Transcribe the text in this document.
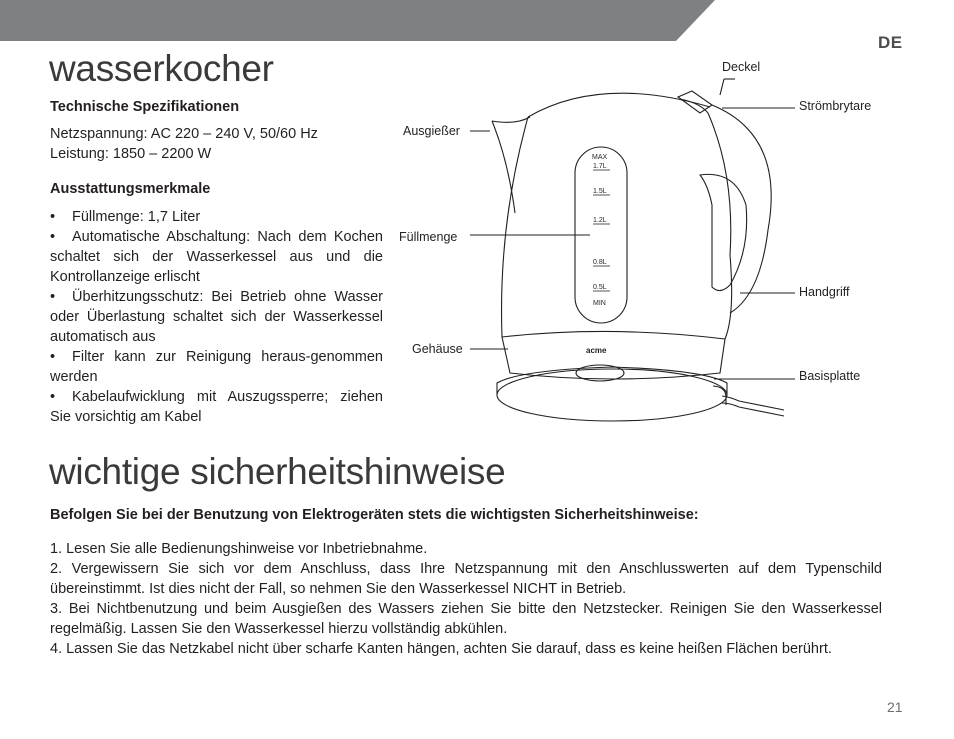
DE
wasserkocher
Technische Spezifikationen
Netzspannung: AC 220 – 240 V, 50/60 Hz
Leistung: 1850 – 2200 W
Ausstattungsmerkmale

• Füllmenge: 1,7 Liter

• Automatische Abschaltung: Nach dem Kochen schaltet sich der Wasserkessel aus und die Kontrollanzeige erlischt

• Überhitzungsschutz: Bei Betrieb ohne Wasser oder Überlastung schaltet sich der Wasserkessel automatisch aus

• Filter kann zur Reinigung heraus-genommen werden

• Kabelaufwicklung mit Auszugssperre; ziehen Sie vorsichtig am Kabel

MAX
1.7L
1.5L
1.2L
0.8L
0.5L
MIN
acme
Deckel
Strömbrytare
Ausgießer
Füllmenge
Handgriff
Gehäuse
Basisplatte
wichtige sicherheitshinweise
Befolgen Sie bei der Benutzung von Elektrogeräten stets die wichtigsten Sicherheitshinweise:

1. Lesen Sie alle Bedienungshinweise vor Inbetriebnahme.

2. Vergewissern Sie sich vor dem Anschluss, dass Ihre Netzspannung mit den Anschlusswerten auf dem Typenschild übereinstimmt. Ist dies nicht der Fall, so nehmen Sie den Wasserkessel NICHT in Betrieb.

3. Bei Nichtbenutzung und beim Ausgießen des Wassers ziehen Sie bitte den Netzstecker. Reinigen Sie den Wasserkessel regelmäßig. Lassen Sie den Wasserkessel hierzu vollständig abkühlen.

4. Lassen Sie das Netzkabel nicht über scharfe Kanten hängen, achten Sie darauf, dass es keine heißen Flächen berührt.

21
